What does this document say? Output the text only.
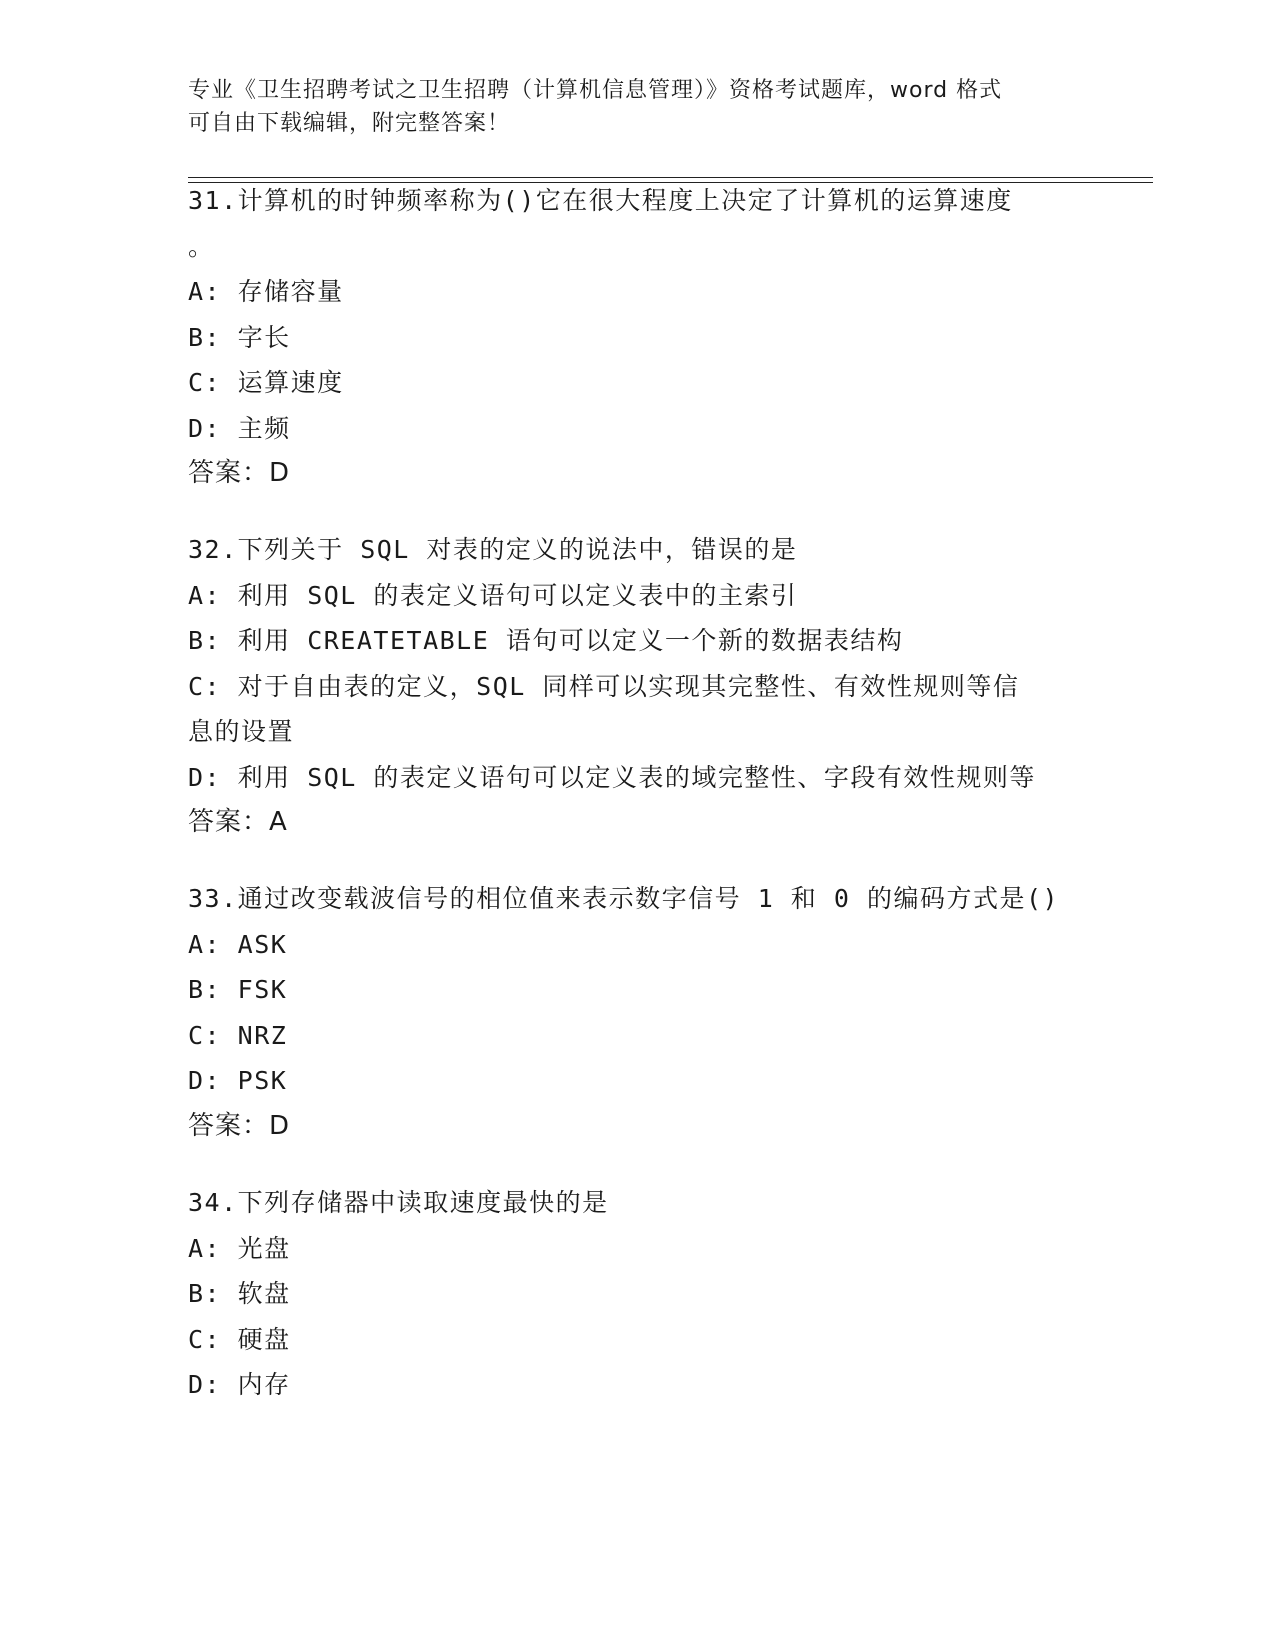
专业《卫生招聘考试之卫生招聘（计算机信息管理）》资格考试题库，word 格式
可自由下载编辑，附完整答案！
31.计算机的时钟频率称为()它在很大程度上决定了计算机的运算速度
。
A: 存储容量
B: 字长
C: 运算速度
D: 主频
答案：D
32.下列关于 SQL 对表的定义的说法中，错误的是
A: 利用 SQL 的表定义语句可以定义表中的主索引
B: 利用 CREATETABLE 语句可以定义一个新的数据表结构
C: 对于自由表的定义，SQL 同样可以实现其完整性、有效性规则等信
息的设置
D: 利用 SQL 的表定义语句可以定义表的域完整性、字段有效性规则等
答案：A
33.通过改变载波信号的相位值来表示数字信号 1 和 0 的编码方式是()
A: ASK
B: FSK
C: NRZ
D: PSK
答案：D
34.下列存储器中读取速度最快的是
A: 光盘
B: 软盘
C: 硬盘
D: 内存
